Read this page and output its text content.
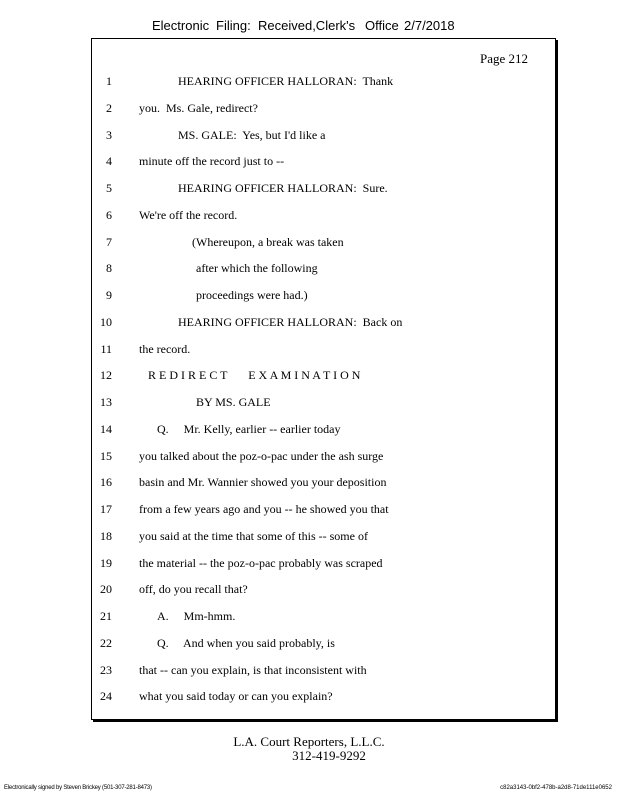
Electronic Filing: Received,Clerk's Office 2/7/2018
Page 212
1	HEARING OFFICER HALLORAN:  Thank
2 you.  Ms. Gale, redirect?
3	MS. GALE:  Yes, but I'd like a
4 minute off the record just to --
5	HEARING OFFICER HALLORAN:  Sure.
6 We're off the record.
7	(Whereupon, a break was taken
8	after which the following
9	proceedings were had.)
10	HEARING OFFICER HALLORAN:  Back on
11 the record.
12	R E D I R E C T       E X A M I N A T I O N
13	BY MS. GALE
14	Q.     Mr. Kelly, earlier -- earlier today
15 you talked about the poz-o-pac under the ash surge
16 basin and Mr. Wannier showed you your deposition
17 from a few years ago and you -- he showed you that
18 you said at the time that some of this -- some of
19 the material -- the poz-o-pac probably was scraped
20 off, do you recall that?
21	A.     Mm-hmm.
22	Q.     And when you said probably, is
23 that -- can you explain, is that inconsistent with
24 what you said today or can you explain?
L.A. Court Reporters, L.L.C.
312-419-9292
Electronically signed by Steven Brickey (501-307-281-8473)	c82a3143-0bf2-478b-a2d8-71de111e0652
